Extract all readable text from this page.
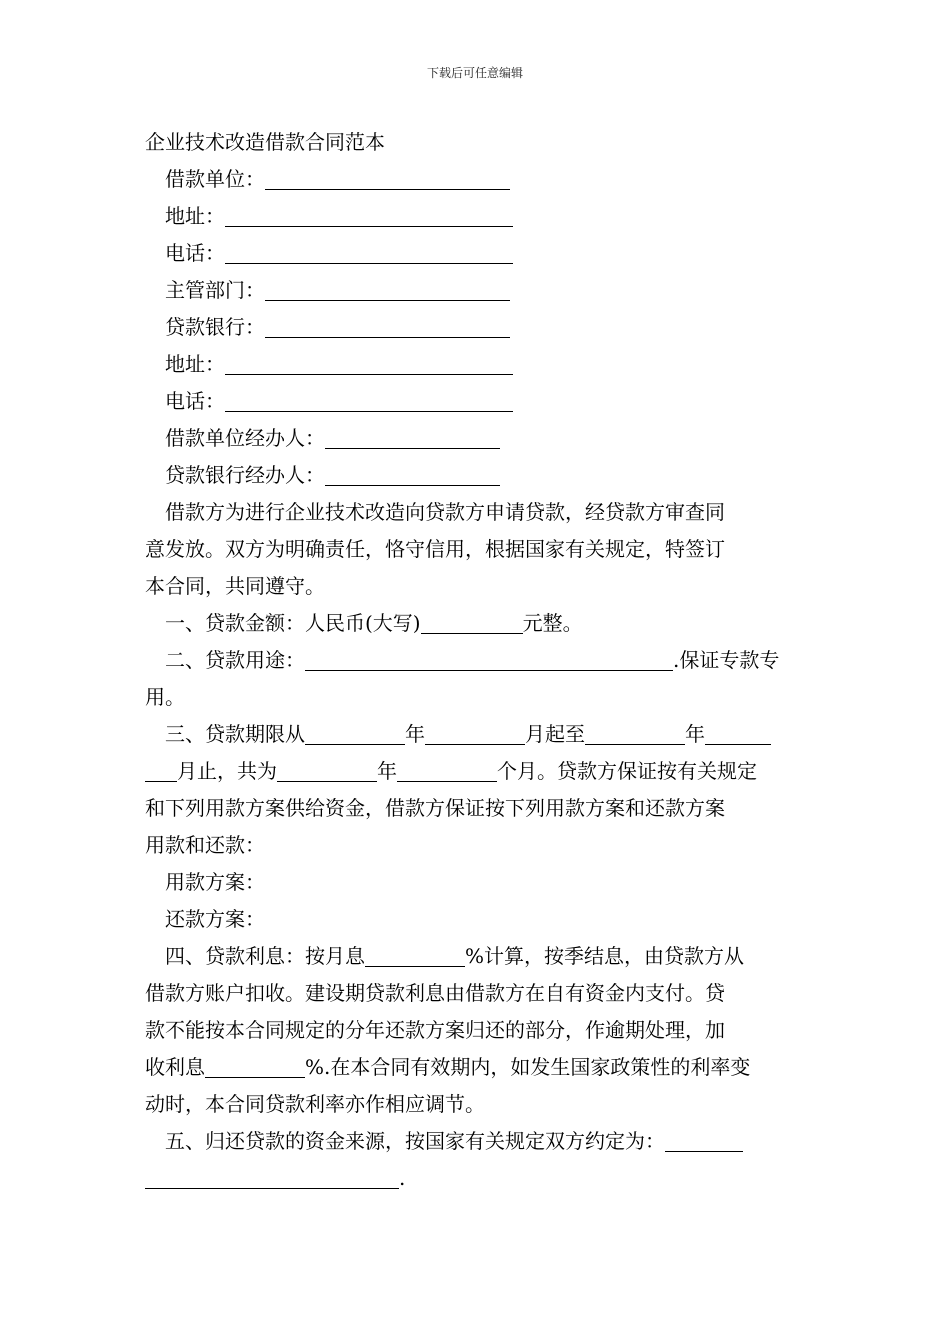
下载后可任意编辑
企业技术改造借款合同范本
借款单位：
地址：
电话：
主管部门：
贷款银行：
地址：
电话：
借款单位经办人：
贷款银行经办人：
借款方为进行企业技术改造向贷款方申请贷款，经贷款方审查同
意发放。双方为明确责任，恪守信用，根据国家有关规定，特签订
本合同，共同遵守。
一、贷款金额：人民币(大写)	元整。
二、贷款用途：	.保证专款专
用。
三、贷款期限从	年	月起至	年
月止，共为	年	个月。贷款方保证按有关规定
和下列用款方案供给资金，借款方保证按下列用款方案和还款方案
用款和还款：
用款方案：
还款方案：
四、贷款利息：按月息	%计算，按季结息，由贷款方从
借款方账户扣收。建设期贷款利息由借款方在自有资金内支付。贷
款不能按本合同规定的分年还款方案归还的部分，作逾期处理，加
收利息	%.在本合同有效期内，如发生国家政策性的利率变
动时，本合同贷款利率亦作相应调节。
五、归还贷款的资金来源，按国家有关规定双方约定为：
.
